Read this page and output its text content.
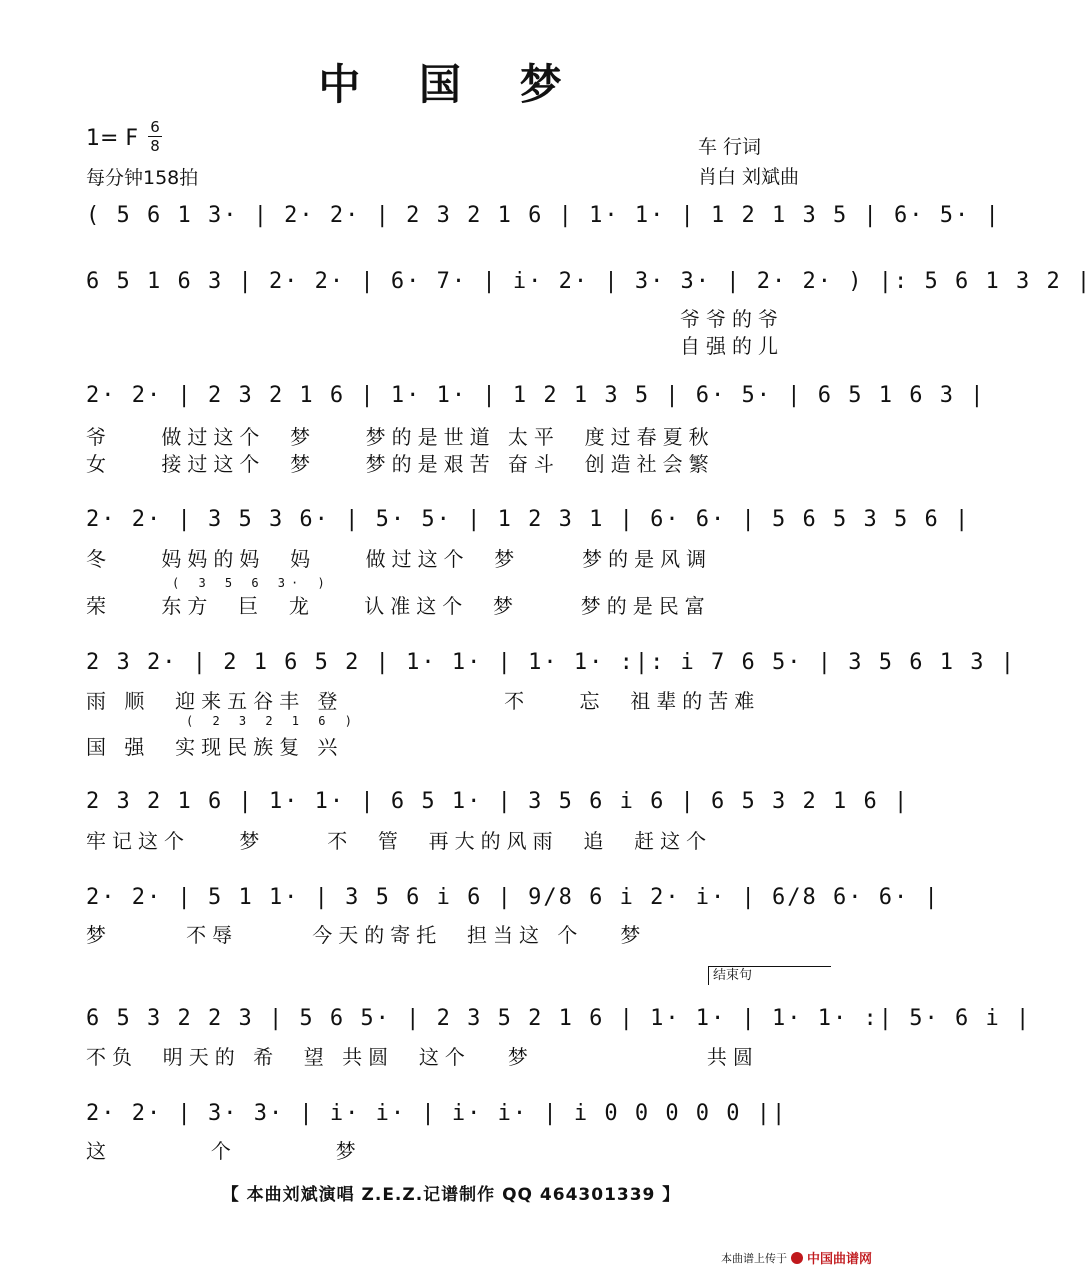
中 国 梦
1= F 6
8
每分钟158拍
车 行词
肖白 刘斌曲
( 5 6 1 3· | 2· 2· | 2 3 2 1 6 | 1· 1· | 1 2 1 3 5 | 6· 5· |
6 5 1 6 3 | 2· 2· | 6· 7· | i· 2· | 3· 3· | 2· 2· ) |: 5 6 1 3 2 |
爷爷的爷
自强的儿
2· 2· | 2 3 2 1 6 | 1· 1· | 1 2 1 3 5 | 6· 5· | 6 5 1 6 3 |
爷    做过这个  梦    梦的是世道 太平  度过春夏秋
女    接过这个  梦    梦的是艰苦 奋斗  创造社会繁
2· 2· | 3 5 3 6· | 5· 5· | 1 2 3 1 | 6· 6· | 5 6 5 3 5 6 |
冬    妈妈的妈  妈    做过这个  梦     梦的是风调
( 3 5 6 3· )
荣    东方  巨  龙    认准这个  梦     梦的是民富
2 3 2· | 2 1 6 5 2 | 1· 1· | 1· 1· :|: i 7 6 5· | 3 5 6 1 3 |
雨 顺  迎来五谷丰 登             不    忘  祖辈的苦难
( 2 3 2 1 6 )
国 强  实现民族复 兴
2 3 2 1 6 | 1· 1· | 6 5 1· | 3 5 6 i 6 | 6 5 3 2 1 6 |
牢记这个    梦     不  管  再大的风雨  追  赶这个
2· 2· | 5 1 1· | 3 5 6 i 6 | 9/8 6 i 2· i· | 6/8 6· 6· |
梦      不辱      今天的寄托  担当这 个   梦
结束句
6 5 3 2 2 3 | 5 6 5· | 2 3 5 2 1 6 | 1· 1· | 1· 1· :| 5· 6 i |
不负  明天的 希  望 共圆  这个   梦              共圆
2· 2· | 3· 3· | i· i· | i· i· | i 0 0 0 0 0 ||
这        个        梦
【 本曲刘斌演唱 Z.E.Z.记谱制作 QQ 464301339 】
本曲谱上传于 中国曲谱网
